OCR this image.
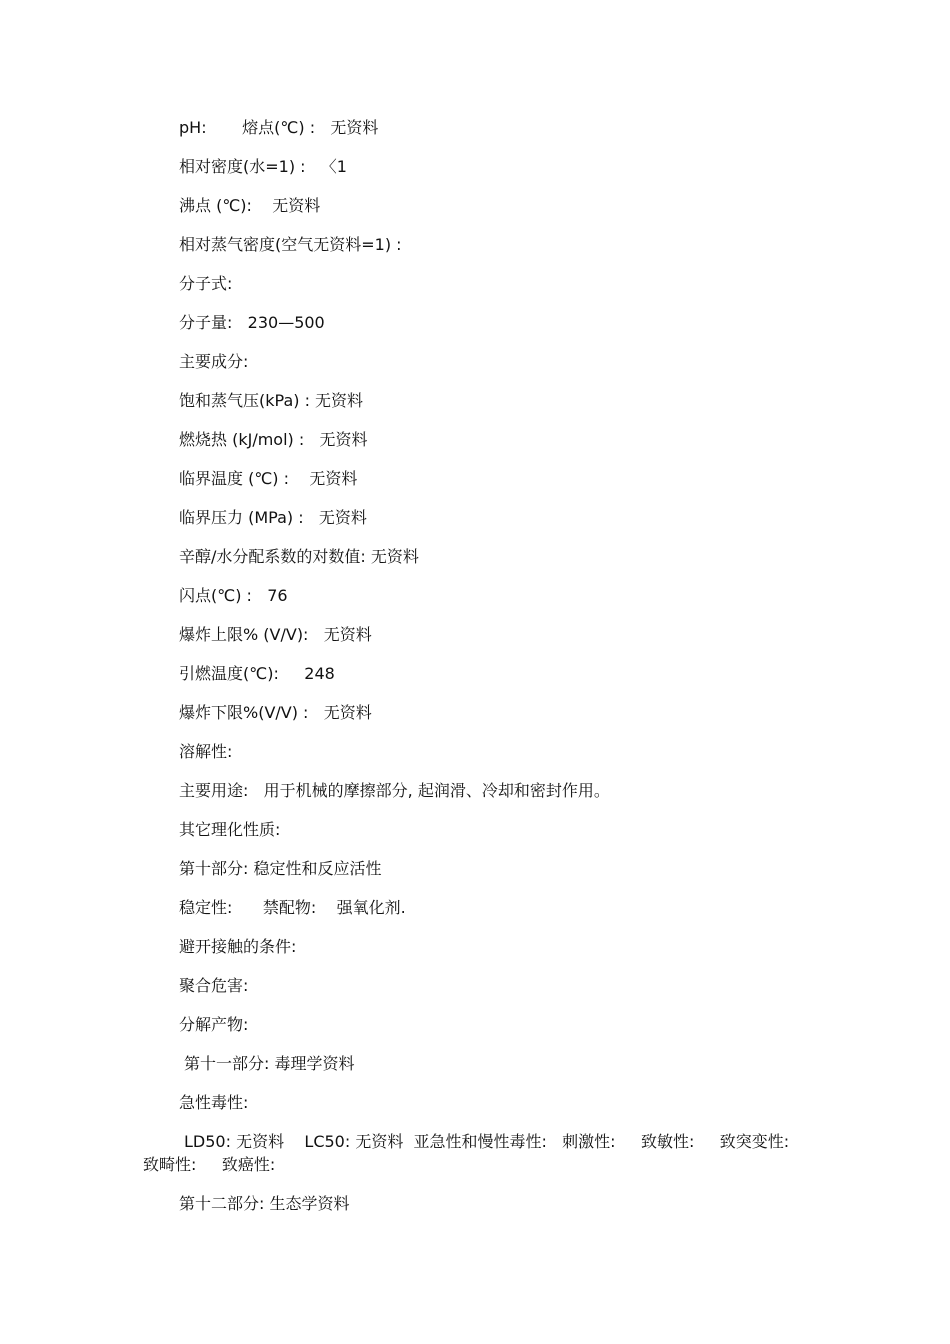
pH:       熔点(℃) :   无资料
相对密度(水=1) :   〈1
沸点 (℃):    无资料
相对蒸气密度(空气无资料=1) :
分子式:
分子量:   230—500
主要成分:
饱和蒸气压(kPa) : 无资料
燃烧热 (kJ/mol) :   无资料
临界温度 (℃) :    无资料
临界压力 (MPa) :   无资料
辛醇/水分配系数的对数值: 无资料
闪点(℃) :   76
爆炸上限% (V/V):   无资料
引燃温度(℃):     248
爆炸下限%(V/V) :   无资料
溶解性:
主要用途:   用于机械的摩擦部分, 起润滑、冷却和密封作用。
其它理化性质:
第十部分: 稳定性和反应活性
稳定性:      禁配物:    强氧化剂.
避开接触的条件:
聚合危害:
分解产物:
第十一部分: 毒理学资料
急性毒性:
LD50: 无资料    LC50: 无资料  亚急性和慢性毒性:   刺激性:     致敏性:     致突变性:     致畸性:     致癌性:
第十二部分: 生态学资料
